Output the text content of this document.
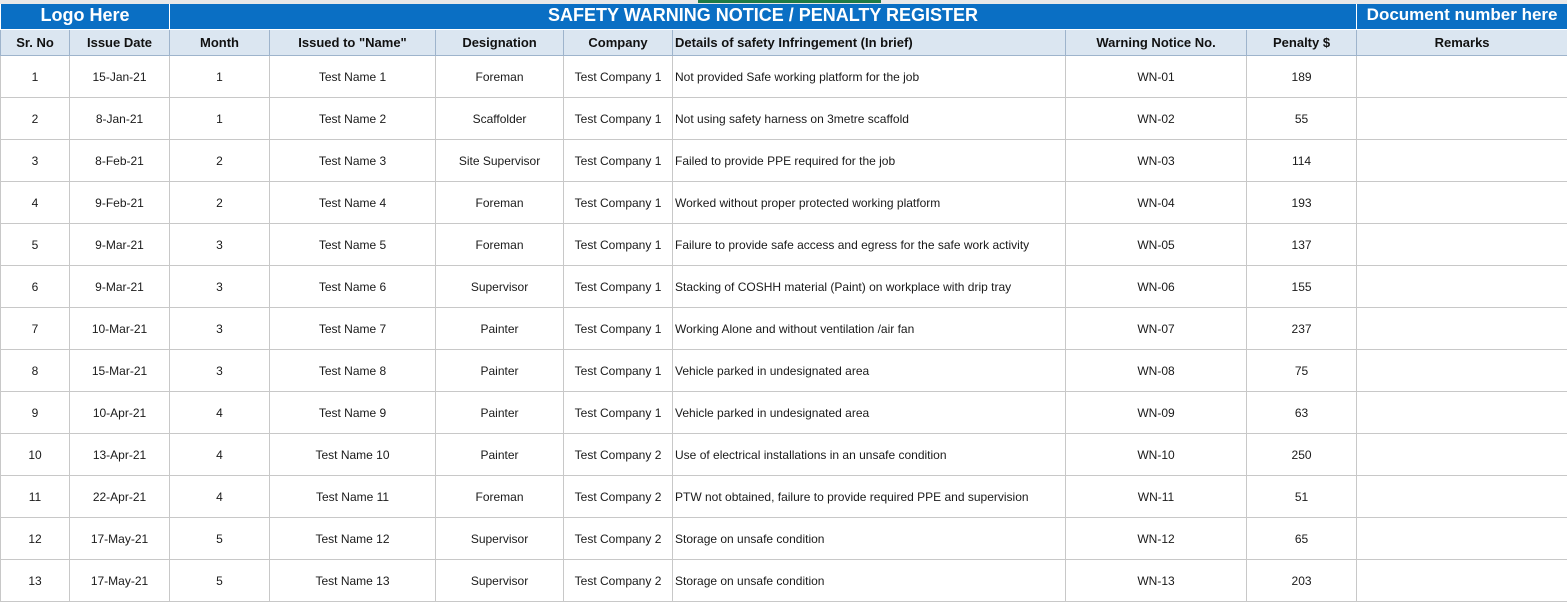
Logo Here		SAFETY WARNING NOTICE / PENALTY REGISTER							Document number here
Sr. No	Issue Date	Month	Issued to "Name"	Designation	Company	Details of safety Infringement (In brief)	Warning Notice No.	Penalty $	Remarks
1	15-Jan-21	1	Test Name 1	Foreman	Test Company 1	Not provided Safe working platform for the job	WN-01	189	
2	8-Jan-21	1	Test Name 2	Scaffolder	Test Company 1	Not using safety harness on 3metre scaffold	WN-02	55	
3	8-Feb-21	2	Test Name 3	Site Supervisor	Test Company 1	Failed to provide PPE required for the job	WN-03	114	
4	9-Feb-21	2	Test Name 4	Foreman	Test Company 1	Worked without proper protected working platform	WN-04	193	
5	9-Mar-21	3	Test Name 5	Foreman	Test Company 1	Failure to provide safe access and egress for the safe work activity	WN-05	137	
6	9-Mar-21	3	Test Name 6	Supervisor	Test Company 1	Stacking of COSHH material (Paint) on workplace with drip tray	WN-06	155	
7	10-Mar-21	3	Test Name 7	Painter	Test Company 1	Working Alone and without ventilation /air fan	WN-07	237	
8	15-Mar-21	3	Test Name 8	Painter	Test Company 1	Vehicle parked in undesignated area	WN-08	75	
9	10-Apr-21	4	Test Name 9	Painter	Test Company 1	Vehicle parked in undesignated area	WN-09	63	
10	13-Apr-21	4	Test Name 10	Painter	Test Company 2	Use of electrical installations in an unsafe condition	WN-10	250	
11	22-Apr-21	4	Test Name 11	Foreman	Test Company 2	PTW not obtained, failure to provide required PPE and supervision	WN-11	51	
12	17-May-21	5	Test Name 12	Supervisor	Test Company 2	Storage on unsafe condition	WN-12	65	
13	17-May-21	5	Test Name 13	Supervisor	Test Company 2	Storage on unsafe condition	WN-13	203	
